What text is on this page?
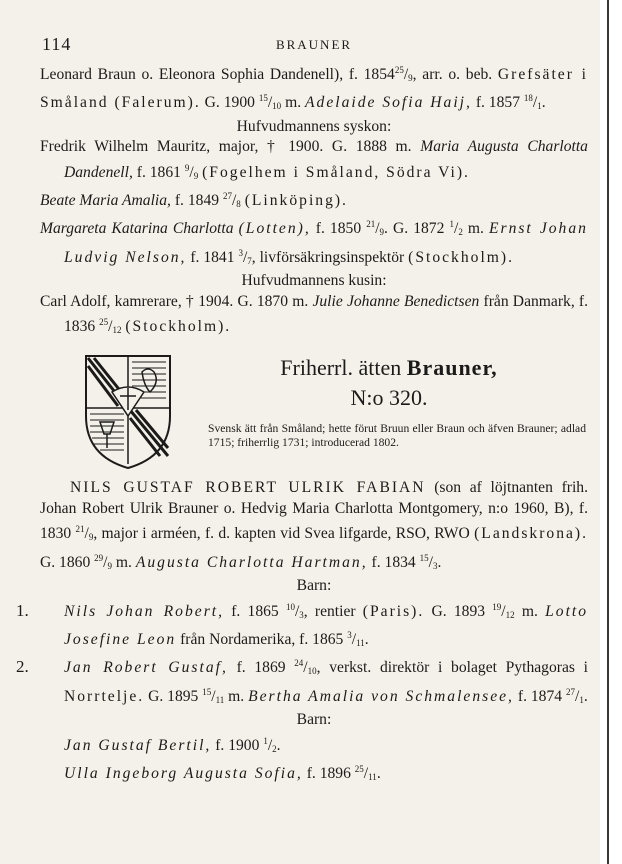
114	BRAUNER
Leonard Braun o. Eleonora Sophia Dandenell), f. $1854^{25}/_9$, arr. o. beb. Grefsäter i Småland (Falerum). G. 1900 $^{15}/_{10}$ m. Adelaide Sofia Haij, f. 1857 $^{18}/_1$.
Hufvudmannens syskon:
Fredrik Wilhelm Mauritz, major, † 1900. G. 1888 m. Maria Augusta Charlotta Dandenell, f. 1861 $^9/_9$ (Fogelhem i Småland, Södra Vi).
Beate Maria Amalia, f. 1849 $^{27}/_8$ (Linköping).
Margareta Katarina Charlotta (Lotten), f. 1850 $^{21}/_9$. G. 1872 $^1/_2$ m. Ernst Johan Ludvig Nelson, f. 1841 $^3/_7$, livförsäkringsinspektör (Stockholm).
Hufvudmannens kusin:
Carl Adolf, kamrerare, † 1904. G. 1870 m. Julie Johanne Benedictsen från Danmark, f. 1836 $^{25}/_{12}$ (Stockholm).
Friherrl. ätten Brauner,
N:o 320.
Svensk ätt från Småland; hette förut Bruun eller Braun och äfven Brauner; adlad 1715; friherrlig 1731; introducerad 1802.
NILS GUSTAF ROBERT ULRIK FABIAN (son af löjtnanten frih. Johan Robert Ulrik Brauner o. Hedvig Maria Charlotta Montgomery, n:o 1960, B), f. 1830 $^{21}/_9$, major i arméen, f. d. kapten vid Svea lifgarde, RSO, RWO (Landskrona). G. 1860 $^{29}/_9$ m. Augusta Charlotta Hartman, f. 1834 $^{15}/_3$.
Barn:
1. Nils Johan Robert, f. 1865 $^{10}/_3$, rentier (Paris). G. 1893 $^{19}/_{12}$ m. Lotto Josefine Leon från Nordamerika, f. 1865 $^3/_{11}$.
2. Jan Robert Gustaf, f. 1869 $^{24}/_{10}$, verkst. direktör i bolaget Pythagoras i Norrtelje. G. 1895 $^{15}/_{11}$ m. Bertha Amalia von Schmalensee, f. 1874 $^{27}/_1$.
Barn:
Jan Gustaf Bertil, f. 1900 $^1/_2$.
Ulla Ingeborg Augusta Sofia, f. 1896 $^{25}/_{11}$.
